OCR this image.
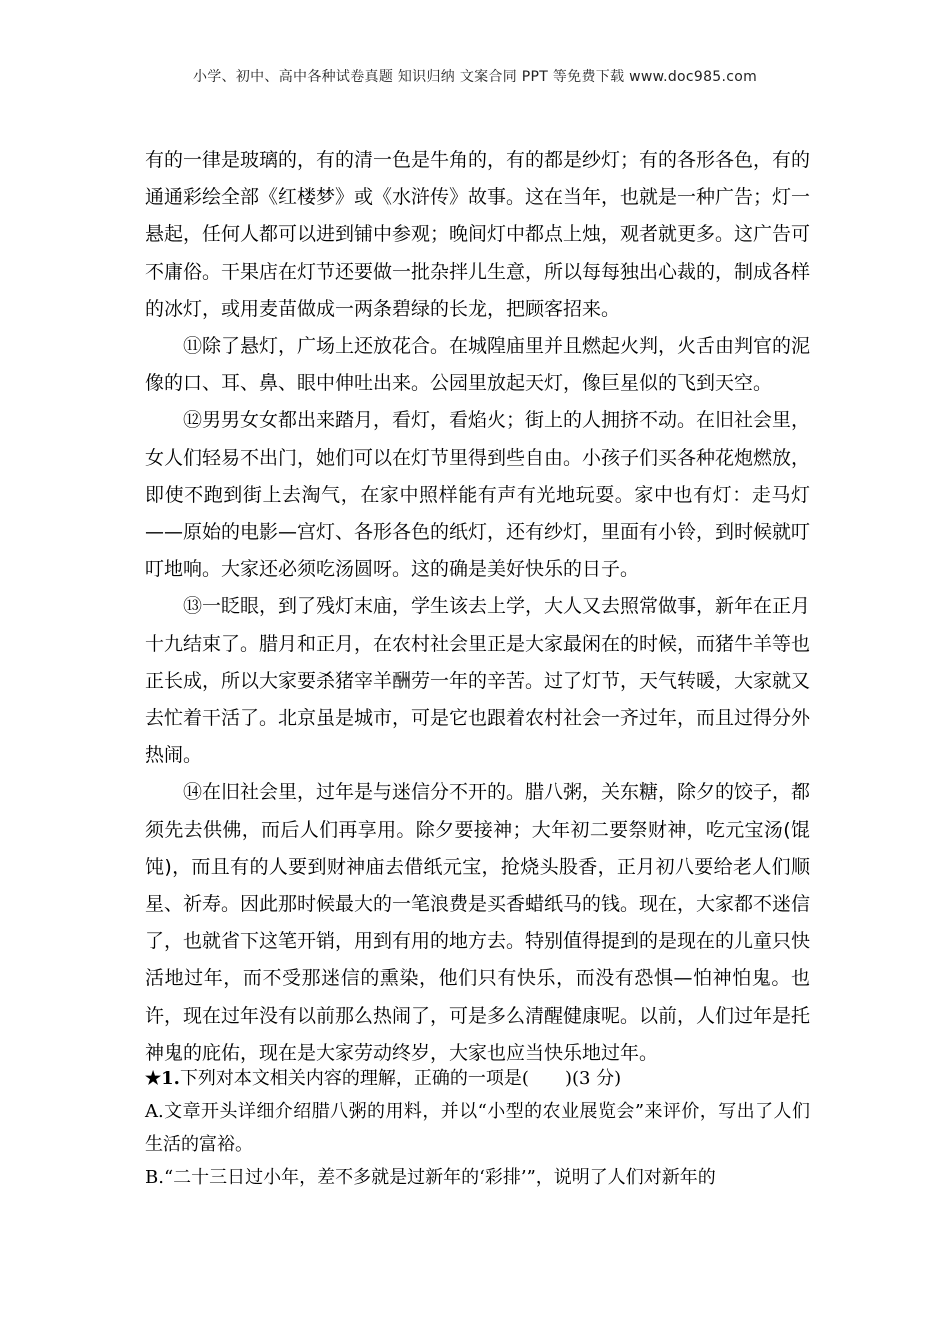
小学、初中、高中各种试卷真题 知识归纳 文案合同 PPT 等免费下载 www.doc985.com

有的一律是玻璃的，有的清一色是牛角的，有的都是纱灯；有的各形各色，有的通通彩绘全部《红楼梦》或《水浒传》故事。这在当年，也就是一种广告；灯一悬起，任何人都可以进到铺中参观；晚间灯中都点上烛，观者就更多。这广告可不庸俗。干果店在灯节还要做一批杂拌儿生意，所以每每独出心裁的，制成各样的冰灯，或用麦苗做成一两条碧绿的长龙，把顾客招来。

⑪除了悬灯，广场上还放花合。在城隍庙里并且燃起火判，火舌由判官的泥像的口、耳、鼻、眼中伸吐出来。公园里放起天灯，像巨星似的飞到天空。

⑫男男女女都出来踏月，看灯，看焰火；街上的人拥挤不动。在旧社会里，女人们轻易不出门，她们可以在灯节里得到些自由。小孩子们买各种花炮燃放，即使不跑到街上去淘气，在家中照样能有声有光地玩耍。家中也有灯：走马灯——原始的电影—宫灯、各形各色的纸灯，还有纱灯，里面有小铃，到时候就叮叮地响。大家还必须吃汤圆呀。这的确是美好快乐的日子。

⑬一眨眼，到了残灯末庙，学生该去上学，大人又去照常做事，新年在正月十九结束了。腊月和正月，在农村社会里正是大家最闲在的时候，而猪牛羊等也正长成，所以大家要杀猪宰羊酬劳一年的辛苦。过了灯节，天气转暖，大家就又去忙着干活了。北京虽是城市，可是它也跟着农村社会一齐过年，而且过得分外热闹。

⑭在旧社会里，过年是与迷信分不开的。腊八粥，关东糖，除夕的饺子，都须先去供佛，而后人们再享用。除夕要接神；大年初二要祭财神，吃元宝汤(馄饨)，而且有的人要到财神庙去借纸元宝，抢烧头股香，正月初八要给老人们顺星、祈寿。因此那时候最大的一笔浪费是买香蜡纸马的钱。现在，大家都不迷信了，也就省下这笔开销，用到有用的地方去。特别值得提到的是现在的儿童只快活地过年，而不受那迷信的熏染，他们只有快乐，而没有恐惧—怕神怕鬼。也许，现在过年没有以前那么热闹了，可是多么清醒健康呢。以前，人们过年是托神鬼的庇佑，现在是大家劳动终岁，大家也应当快乐地过年。

★1.下列对本文相关内容的理解，正确的一项是(　　)(3 分)

A.文章开头详细介绍腊八粥的用料，并以“小型的农业展览会”来评价，写出了人们生活的富裕。

B.“二十三日过小年，差不多就是过新年的‘彩排’”，说明了人们对新年的
